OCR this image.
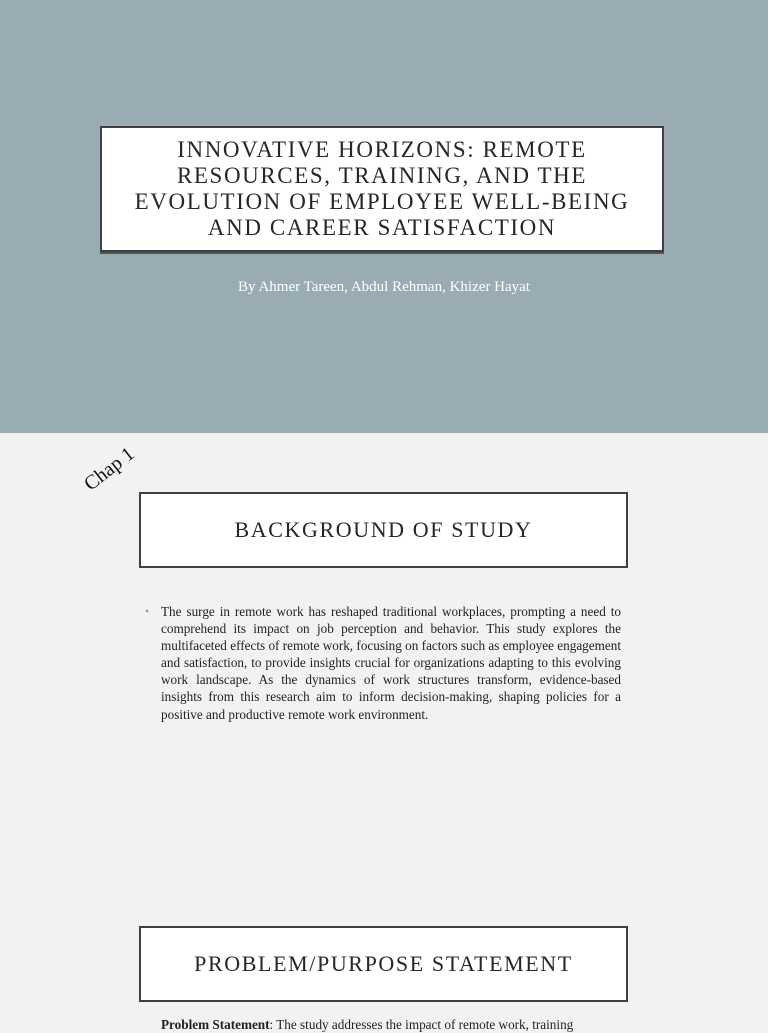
INNOVATIVE HORIZONS: REMOTE RESOURCES, TRAINING, AND THE EVOLUTION OF EMPLOYEE WELL-BEING AND CAREER SATISFACTION
By Ahmer Tareen, Abdul Rehman, Khizer Hayat
Chap 1
BACKGROUND OF STUDY
• The surge in remote work has reshaped traditional workplaces, prompting a need to comprehend its impact on job perception and behavior. This study explores the multifaceted effects of remote work, focusing on factors such as employee engagement and satisfaction, to provide insights crucial for organizations adapting to this evolving work landscape. As the dynamics of work structures transform, evidence-based insights from this research aim to inform decision-making, shaping policies for a positive and productive remote work environment.
PROBLEM/PURPOSE STATEMENT
Problem Statement: The study addresses the impact of remote work, training
